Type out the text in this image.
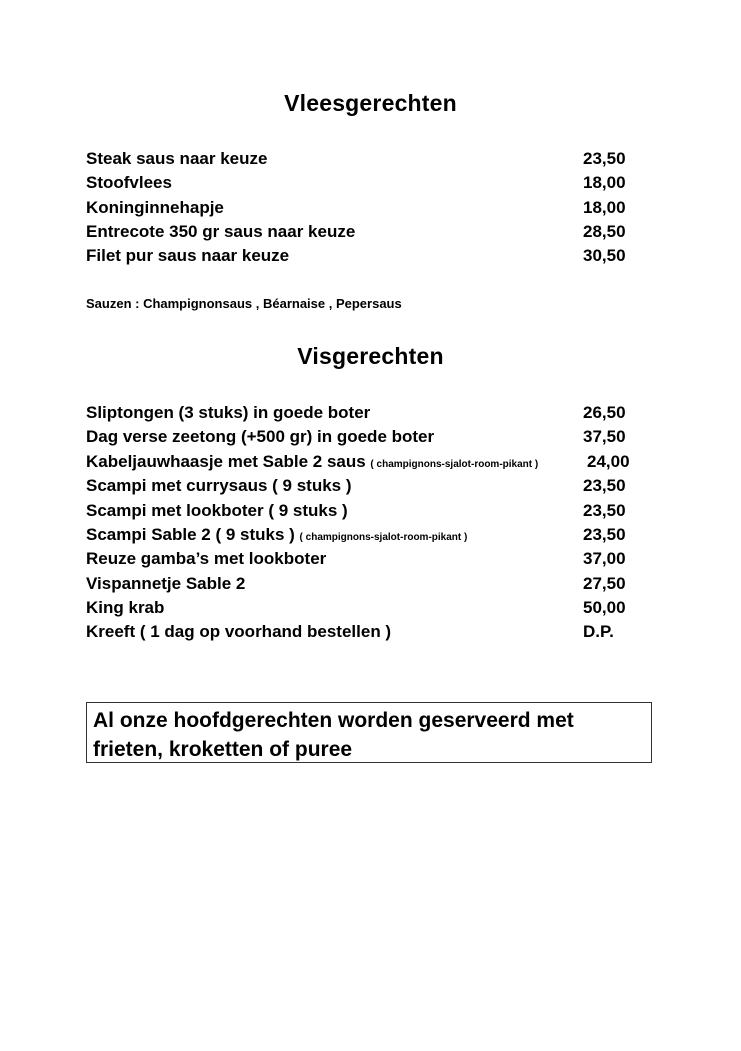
Vleesgerechten
Steak saus naar keuze	23,50
Stoofvlees	18,00
Koninginnehapje	18,00
Entrecote 350 gr saus naar keuze	28,50
Filet pur saus naar keuze	30,50
Sauzen : Champignonsaus , Béarnaise , Pepersaus
Visgerechten
Sliptongen (3 stuks) in goede boter	26,50
Dag verse zeetong (+500 gr) in goede boter	37,50
Kabeljauwhaasje met Sable 2 saus ( champignons-sjalot-room-pikant )	24,00
Scampi met currysaus ( 9 stuks )	23,50
Scampi met lookboter ( 9 stuks )	23,50
Scampi Sable 2 ( 9 stuks ) ( champignons-sjalot-room-pikant )	23,50
Reuze gamba’s met lookboter	37,00
Vispannetje Sable 2	27,50
King krab	50,00
Kreeft ( 1 dag op voorhand bestellen )	D.P.
Al onze hoofdgerechten worden geserveerd met
frieten, kroketten of puree
